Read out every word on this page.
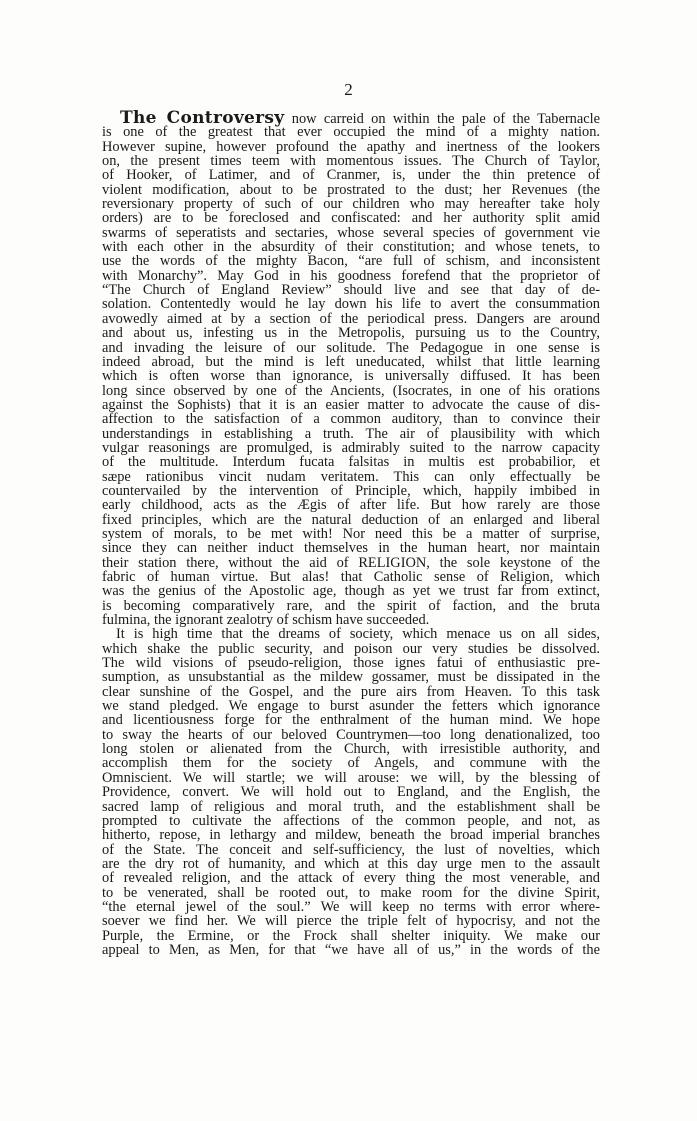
2
The Controversy now carreid on within the pale of the Tabernacle
is one of the greatest that ever occupied the mind of a mighty nation.
However supine, however profound the apathy and inertness of the lookers
on, the present times teem with momentous issues. The Church of Taylor,
of Hooker, of Latimer, and of Cranmer, is, under the thin pretence of
violent modification, about to be prostrated to the dust; her Revenues (the
reversionary property of such of our children who may hereafter take holy
orders) are to be foreclosed and confiscated: and her authority split amid
swarms of seperatists and sectaries, whose several species of government vie
with each other in the absurdity of their constitution; and whose tenets, to
use the words of the mighty Bacon, “are full of schism, and inconsistent
with Monarchy”. May God in his goodness forefend that the proprietor of
“The Church of England Review” should live and see that day of de-
solation. Contentedly would he lay down his life to avert the consummation
avowedly aimed at by a section of the periodical press. Dangers are around
and about us, infesting us in the Metropolis, pursuing us to the Country,
and invading the leisure of our solitude. The Pedagogue in one sense is
indeed abroad, but the mind is left uneducated, whilst that little learning
which is often worse than ignorance, is universally diffused. It has been
long since observed by one of the Ancients, (Isocrates, in one of his orations
against the Sophists) that it is an easier matter to advocate the cause of dis-
affection to the satisfaction of a common auditory, than to convince their
understandings in establishing a truth. The air of plausibility with which
vulgar reasonings are promulged, is admirably suited to the narrow capacity
of the multitude. Interdum fucata falsitas in multis est probabilior, et
sæpe rationibus vincit nudam veritatem. This can only effectually be
countervailed by the intervention of Principle, which, happily imbibed in
early childhood, acts as the Ægis of after life. But how rarely are those
fixed principles, which are the natural deduction of an enlarged and liberal
system of morals, to be met with! Nor need this be a matter of surprise,
since they can neither induct themselves in the human heart, nor maintain
their station there, without the aid of RELIGION, the sole keystone of the
fabric of human virtue. But alas! that Catholic sense of Religion, which
was the genius of the Apostolic age, though as yet we trust far from extinct,
is becoming comparatively rare, and the spirit of faction, and the bruta
fulmina, the ignorant zealotry of schism have succeeded.
It is high time that the dreams of society, which menace us on all sides,
which shake the public security, and poison our very studies be dissolved.
The wild visions of pseudo-religion, those ignes fatui of enthusiastic pre-
sumption, as unsubstantial as the mildew gossamer, must be dissipated in the
clear sunshine of the Gospel, and the pure airs from Heaven. To this task
we stand pledged. We engage to burst asunder the fetters which ignorance
and licentiousness forge for the enthralment of the human mind. We hope
to sway the hearts of our beloved Countrymen—too long denationalized, too
long stolen or alienated from the Church, with irresistible authority, and
accomplish them for the society of Angels, and commune with the
Omniscient. We will startle; we will arouse: we will, by the blessing of
Providence, convert. We will hold out to England, and the English, the
sacred lamp of religious and moral truth, and the establishment shall be
prompted to cultivate the affections of the common people, and not, as
hitherto, repose, in lethargy and mildew, beneath the broad imperial branches
of the State. The conceit and self-sufficiency, the lust of novelties, which
are the dry rot of humanity, and which at this day urge men to the assault
of revealed religion, and the attack of every thing the most venerable, and
to be venerated, shall be rooted out, to make room for the divine Spirit,
“the eternal jewel of the soul.” We will keep no terms with error where-
soever we find her. We will pierce the triple felt of hypocrisy, and not the
Purple, the Ermine, or the Frock shall shelter iniquity. We make our
appeal to Men, as Men, for that “we have all of us,” in the words of the
